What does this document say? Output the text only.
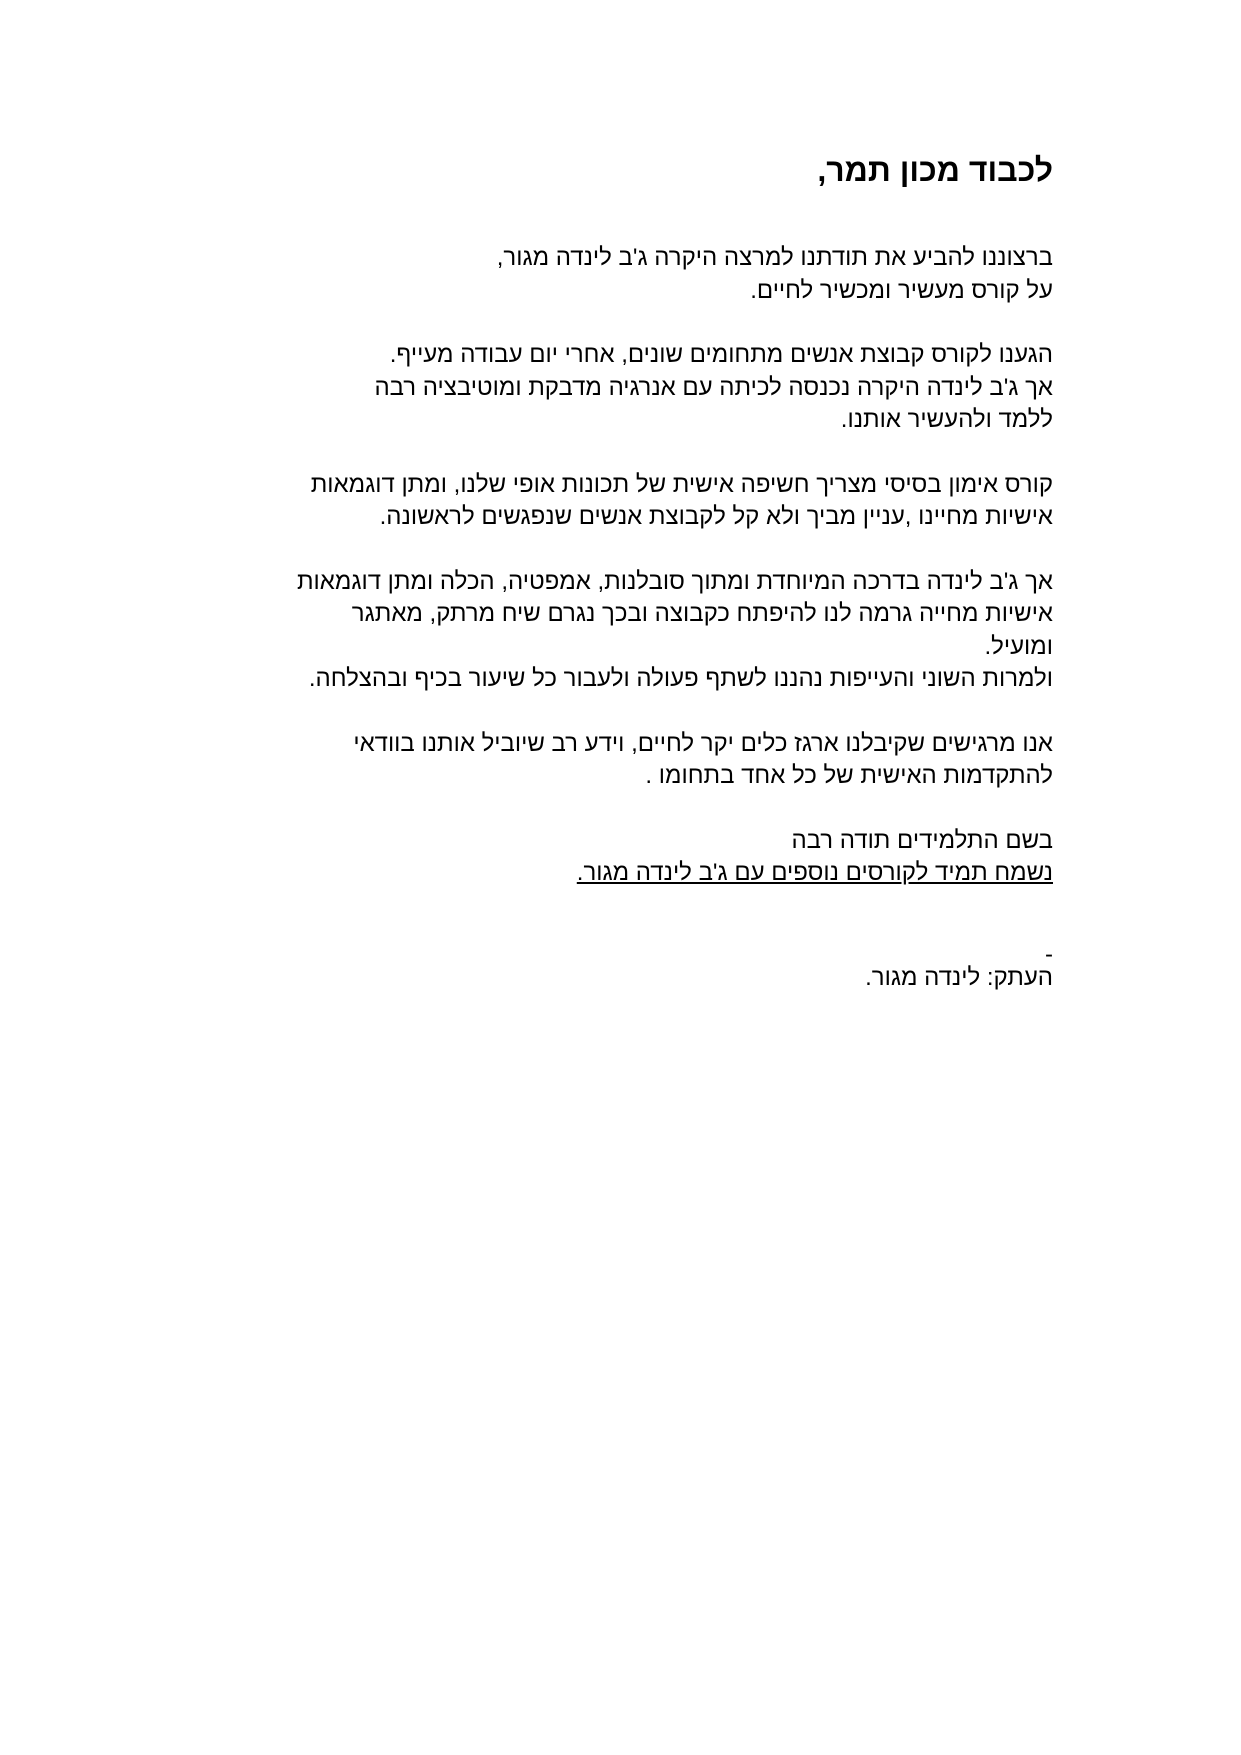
לכבוד מכון תמר,
ברצוננו להביע את תודתנו למרצה היקרה ג'ב לינדה מגור,
על קורס מעשיר ומכשיר לחיים.
הגענו לקורס קבוצת אנשים מתחומים שונים, אחרי יום עבודה מעייף.
אך ג'ב לינדה היקרה נכנסה לכיתה עם אנרגיה מדבקת ומוטיבציה רבה
ללמד ולהעשיר אותנו.
קורס אימון בסיסי מצריך חשיפה אישית של תכונות אופי שלנו, ומתן דוגמאות
אישיות מחיינו ,עניין מביך ולא קל לקבוצת אנשים שנפגשים לראשונה.
אך ג'ב לינדה בדרכה המיוחדת ומתוך סובלנות, אמפטיה, הכלה ומתן דוגמאות
אישיות מחייה גרמה לנו להיפתח כקבוצה ובכך נגרם שיח מרתק, מאתגר
ומועיל.
ולמרות השוני והעייפות נהננו לשתף פעולה ולעבור כל שיעור בכיף ובהצלחה.
אנו מרגישים שקיבלנו ארגז כלים יקר לחיים, וידע רב שיוביל אותנו בוודאי
להתקדמות האישית של כל אחד בתחומו .
בשם התלמידים תודה רבה
נשמח תמיד לקורסים נוספים עם ג'ב לינדה מגור.
-
העתק: לינדה מגור.
